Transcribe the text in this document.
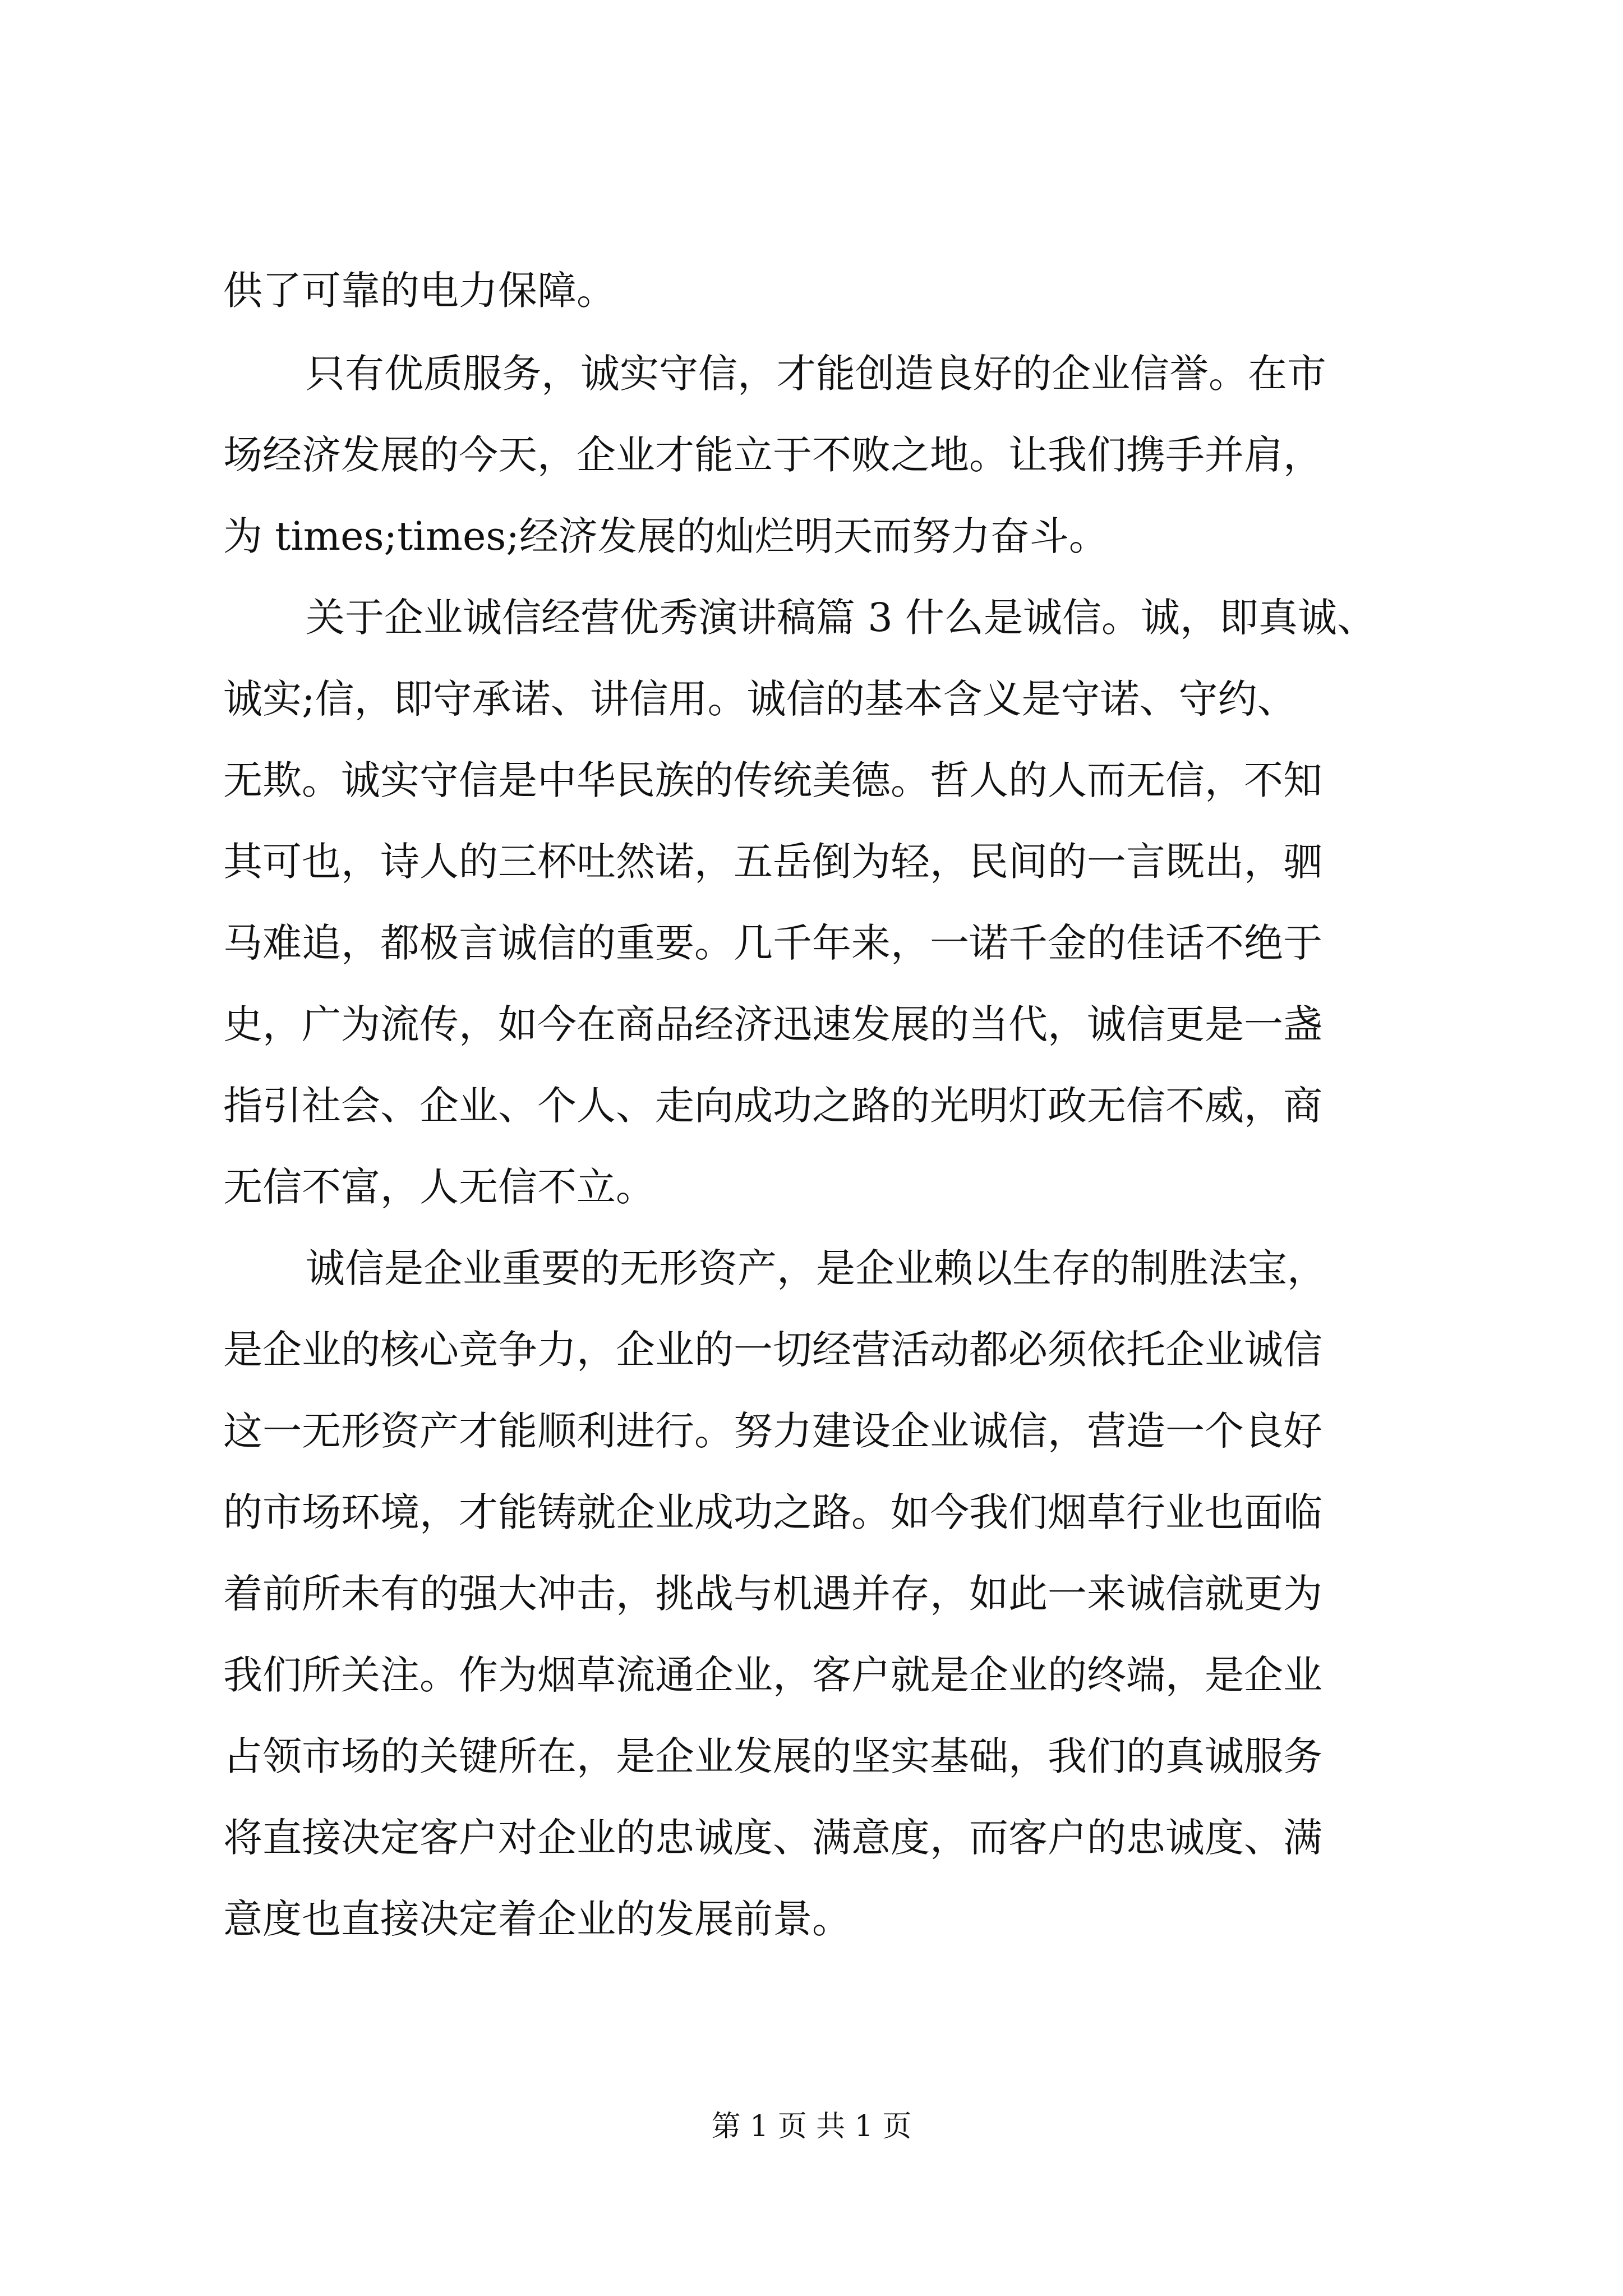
供了可靠的电力保障。
只有优质服务，诚实守信，才能创造良好的企业信誉。在市
场经济发展的今天，企业才能立于不败之地。让我们携手并肩，
为 times;times;经济发展的灿烂明天而努力奋斗。
关于企业诚信经营优秀演讲稿篇 3 什么是诚信。诚，即真诚、
诚实;信，即守承诺、讲信用。诚信的基本含义是守诺、守约、
无欺。诚实守信是中华民族的传统美德。哲人的人而无信，不知
其可也，诗人的三杯吐然诺，五岳倒为轻，民间的一言既出，驷
马难追，都极言诚信的重要。几千年来，一诺千金的佳话不绝于
史，广为流传，如今在商品经济迅速发展的当代，诚信更是一盏
指引社会、企业、个人、走向成功之路的光明灯政无信不威，商
无信不富，人无信不立。
诚信是企业重要的无形资产，是企业赖以生存的制胜法宝，
是企业的核心竞争力，企业的一切经营活动都必须依托企业诚信
这一无形资产才能顺利进行。努力建设企业诚信，营造一个良好
的市场环境，才能铸就企业成功之路。如今我们烟草行业也面临
着前所未有的强大冲击，挑战与机遇并存，如此一来诚信就更为
我们所关注。作为烟草流通企业，客户就是企业的终端，是企业
占领市场的关键所在，是企业发展的坚实基础，我们的真诚服务
将直接决定客户对企业的忠诚度、满意度，而客户的忠诚度、满
意度也直接决定着企业的发展前景。
第 1 页 共 1 页
